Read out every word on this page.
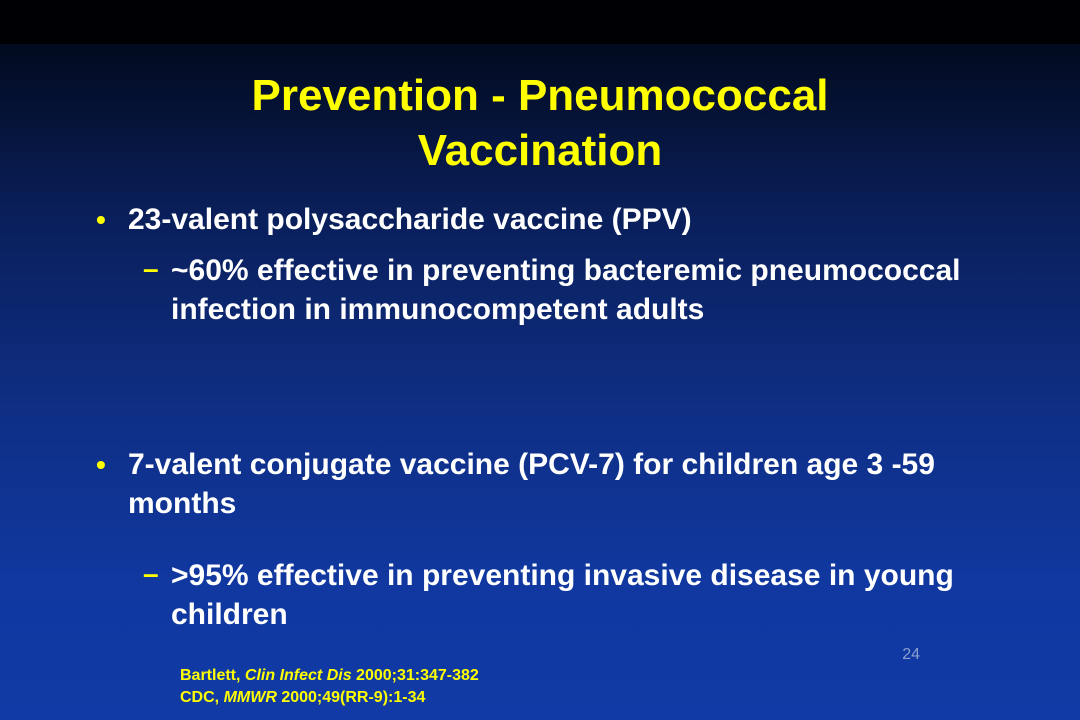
Prevention - Pneumococcal
Vaccination
• 23-valent polysaccharide vaccine (PPV)
– ~60% effective in preventing bacteremic pneumococcal infection in immunocompetent adults
• 7-valent conjugate vaccine (PCV-7) for children age 3 -59 months
– >95% effective in preventing invasive disease in young children
24
Bartlett, Clin Infect Dis 2000;31:347-382
CDC, MMWR 2000;49(RR-9):1-34
